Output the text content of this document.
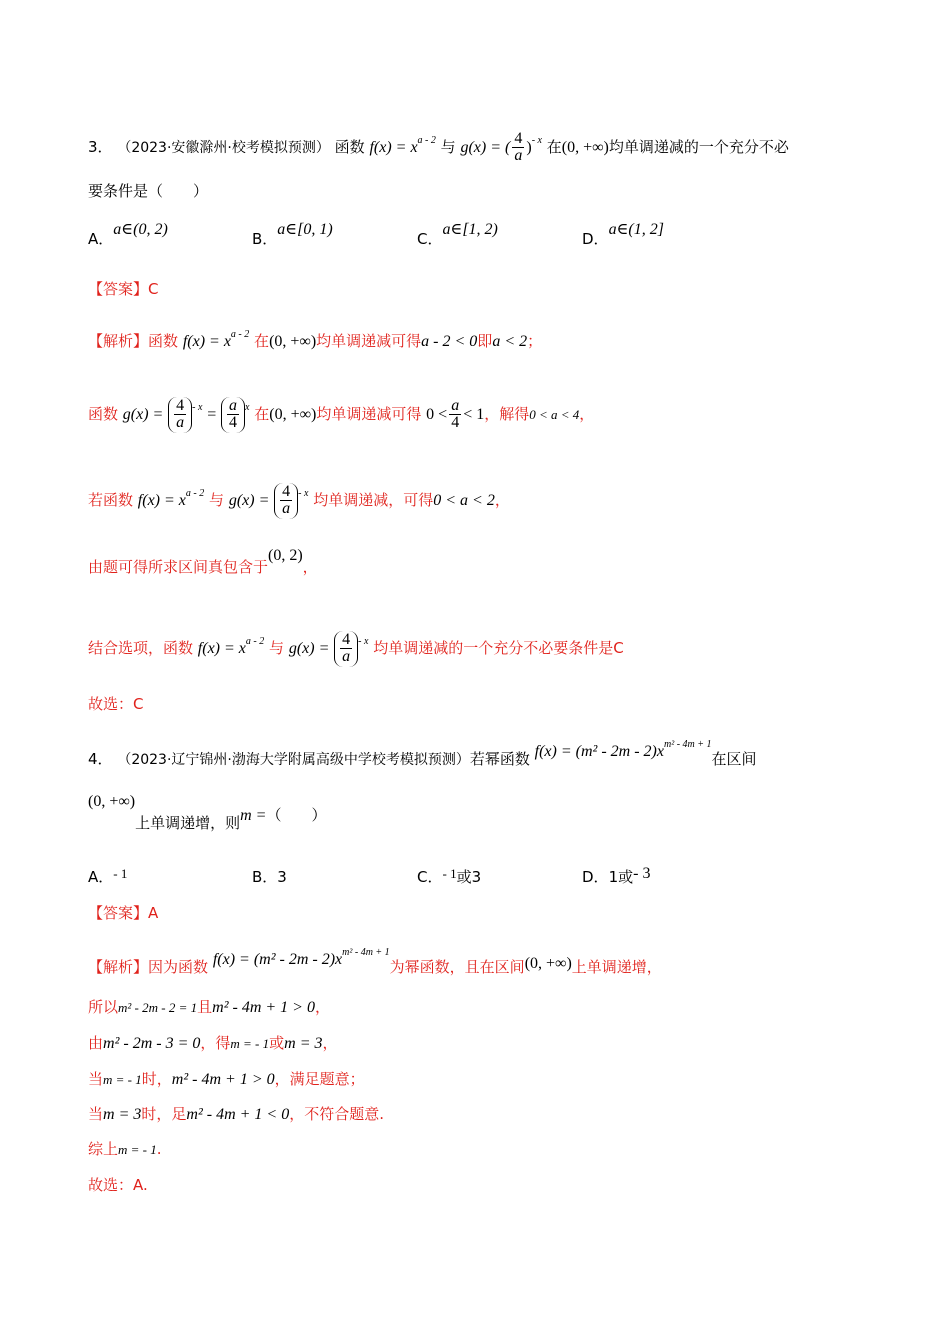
3． （2023·安徽滁州·校考模拟预测） 函数 $f(x) = x^{a - 2}$ 与 g(x) = ( $\frac{4}{a} )^{- x}$ 在(0, +∞)均单调递减的一个充分不必
要条件是（　　）
A．a∈(0, 2)
B．a∈[0, 1)
C．a∈[1, 2)
D．a∈(1, 2]
【答案】C
【解析】函数 $f(x) = x^{a - 2}$ 在(0, +∞)均单调递减可得a - 2 < 0即a < 2；
函数 $g(x) = \frac{4}{a} ^{- x} = \frac{a}{4} ^x$ 在(0, +∞)均单调递减可得 $0 < \frac{a}{4} < 1$，解得0 < a < 4，
若函数 $f(x) = x^{a - 2}$ 与 $g(x) = \frac{4}{a} ^{- x}$ 均单调递减，可得0 < a < 2，
由题可得所求区间真包含于(0, 2)，
结合选项，函数 $f(x) = x^{a - 2}$ 与 $g(x) = \frac{4}{a} ^{- x}$ 均单调递减的一个充分不必要条件是C
故选：C
4． （2023·辽宁锦州·渤海大学附属高级中学校考模拟预测）若幂函数 $f(x) = (m^2 - 2m - 2)x^{m^2 - 4m + 1}$在区间
(0, +∞)上单调递增，则m =（　　）
A．- 1	B．3	C．- 1或3	D．1或- 3
【答案】A
【解析】因为函数 $f(x) = (m^2 - 2m - 2)x^{m^2 - 4m + 1}$为幂函数，且在区间(0, +∞)上单调递增，
所以m² - 2m - 2 = 1且m² - 4m + 1 > 0，
由m² - 2m - 3 = 0，得m = - 1或m = 3，
当m = - 1时，m² - 4m + 1 > 0，满足题意；
当m = 3时，足m² - 4m + 1 < 0，不符合题意.
综上m = - 1.
故选：A.
